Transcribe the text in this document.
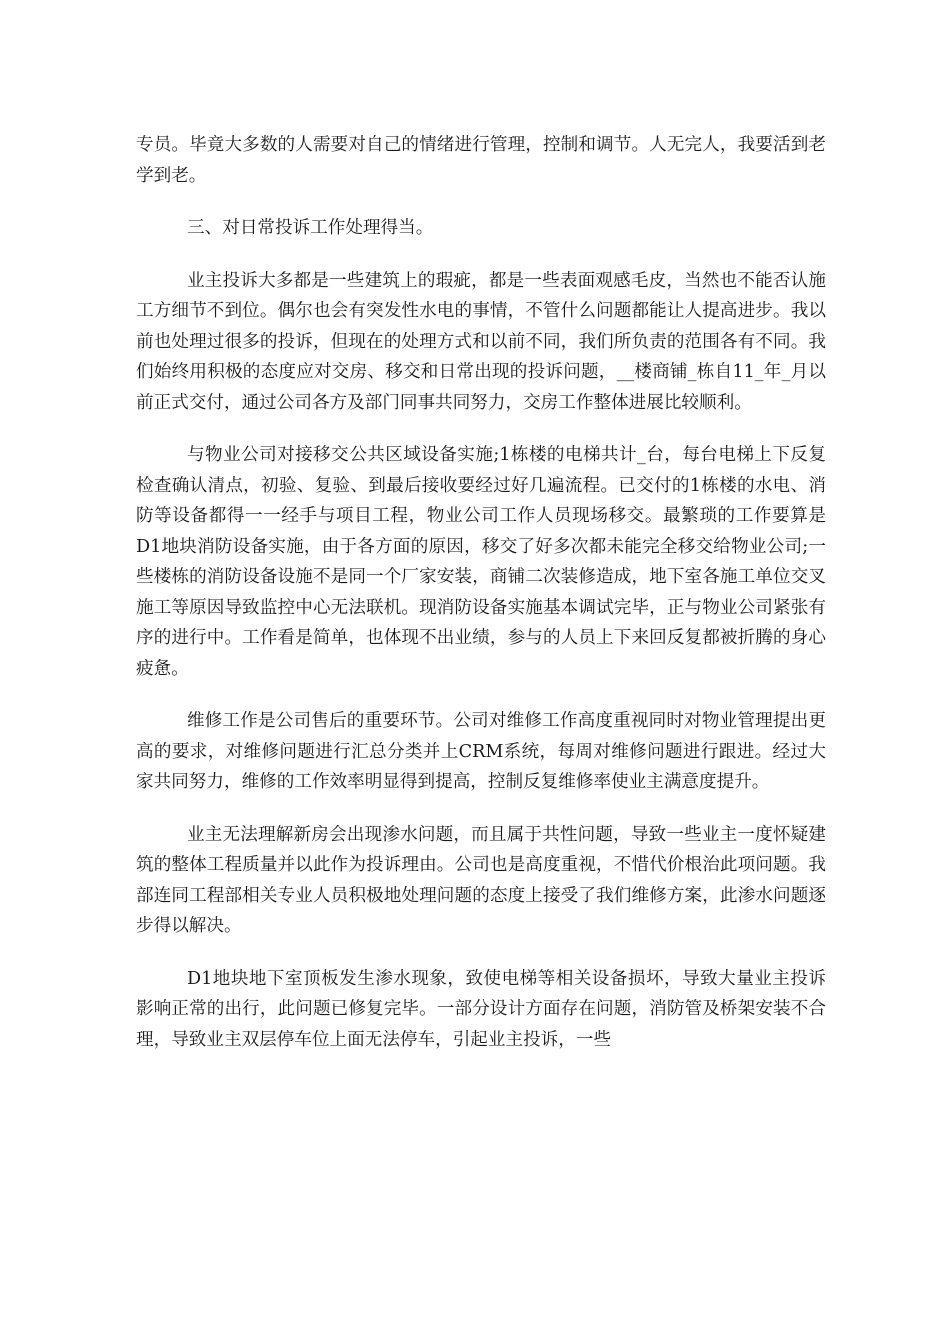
专员。毕竟大多数的人需要对自己的情绪进行管理，控制和调节。人无完人，我要活到老学到老。

三、对日常投诉工作处理得当。

业主投诉大多都是一些建筑上的瑕疵，都是一些表面观感毛皮，当然也不能否认施工方细节不到位。偶尔也会有突发性水电的事情，不管什么问题都能让人提高进步。我以前也处理过很多的投诉，但现在的处理方式和以前不同，我们所负责的范围各有不同。我们始终用积极的态度应对交房、移交和日常出现的投诉问题，__楼商铺_栋自11_年_月以前正式交付，通过公司各方及部门同事共同努力，交房工作整体进展比较顺利。

与物业公司对接移交公共区域设备实施;1栋楼的电梯共计_台，每台电梯上下反复检查确认清点，初验、复验、到最后接收要经过好几遍流程。已交付的1栋楼的水电、消防等设备都得一一经手与项目工程，物业公司工作人员现场移交。最繁琐的工作要算是D1地块消防设备实施，由于各方面的原因，移交了好多次都未能完全移交给物业公司;一些楼栋的消防设备设施不是同一个厂家安装，商铺二次装修造成，地下室各施工单位交叉施工等原因导致监控中心无法联机。现消防设备实施基本调试完毕，正与物业公司紧张有序的进行中。工作看是简单，也体现不出业绩，参与的人员上下来回反复都被折腾的身心疲惫。

维修工作是公司售后的重要环节。公司对维修工作高度重视同时对物业管理提出更高的要求，对维修问题进行汇总分类并上CRM系统，每周对维修问题进行跟进。经过大家共同努力，维修的工作效率明显得到提高，控制反复维修率使业主满意度提升。

业主无法理解新房会出现渗水问题，而且属于共性问题，导致一些业主一度怀疑建筑的整体工程质量并以此作为投诉理由。公司也是高度重视，不惜代价根治此项问题。我部连同工程部相关专业人员积极地处理问题的态度上接受了我们维修方案，此渗水问题逐步得以解决。

D1地块地下室顶板发生渗水现象，致使电梯等相关设备损坏，导致大量业主投诉影响正常的出行，此问题已修复完毕。一部分设计方面存在问题，消防管及桥架安装不合理，导致业主双层停车位上面无法停车，引起业主投诉，一些
